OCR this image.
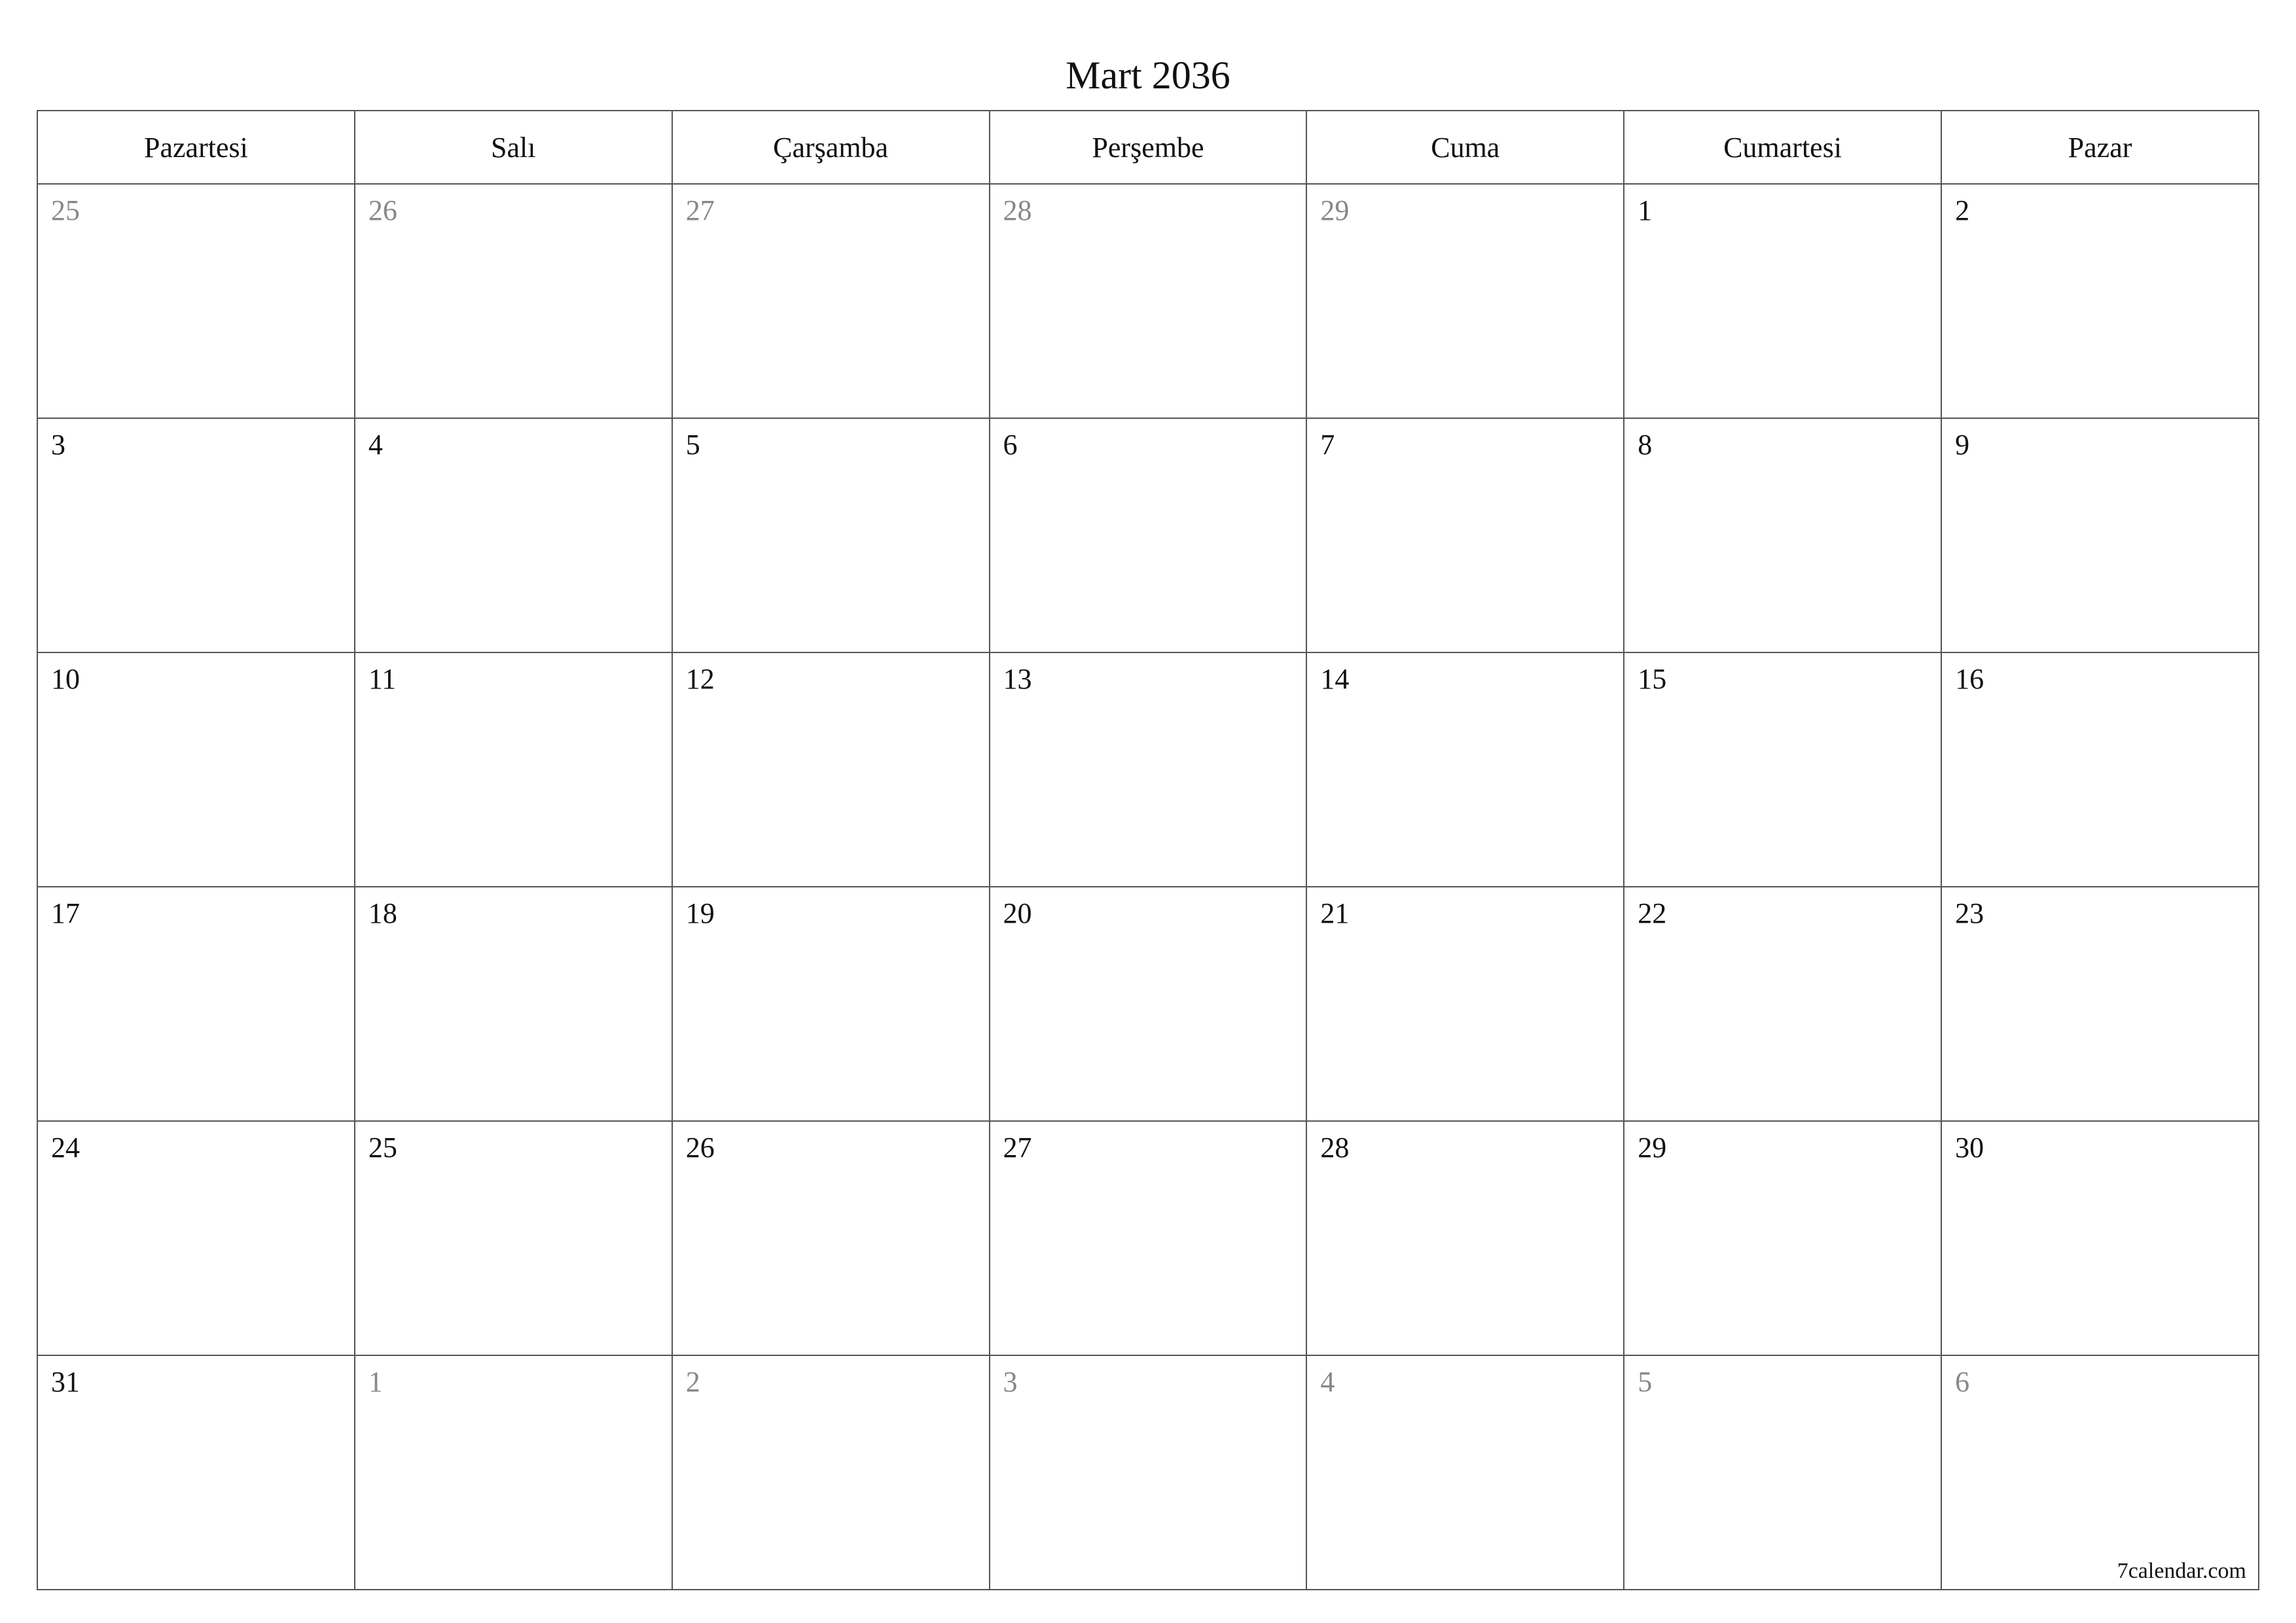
Mart 2036
Pazartesi	Salı	Çarşamba	Perşembe	Cuma	Cumartesi	Pazar

25	26	27	28	29	1	2

3	4	5	6	7	8	9

10	11	12	13	14	15	16

17	18	19	20	21	22	23

24	25	26	27	28	29	30

31	1	2	3	4	5	6
7calendar.com
